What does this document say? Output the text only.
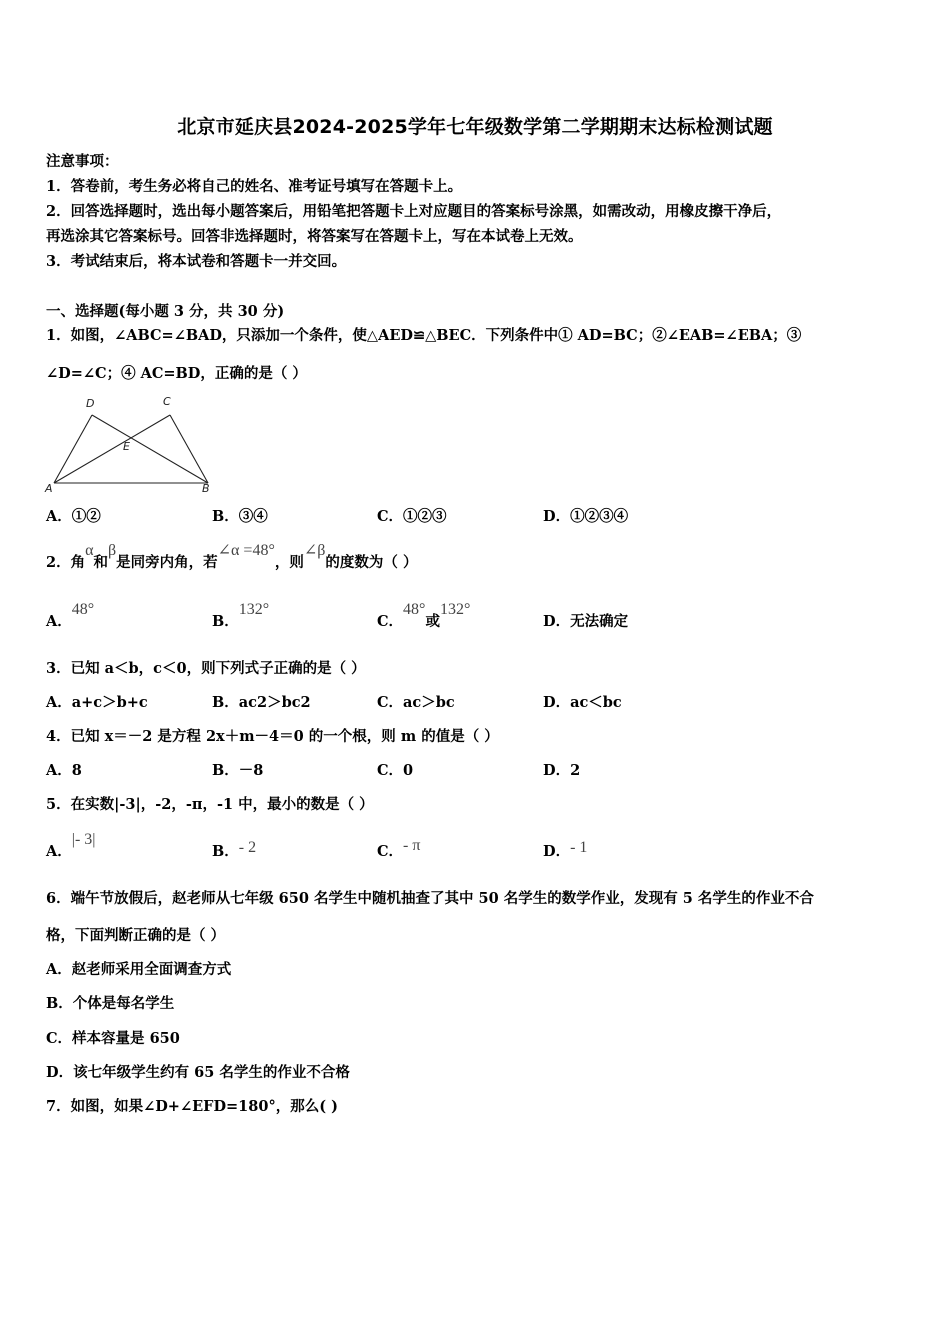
北京市延庆县2024-2025学年七年级数学第二学期期末达标检测试题
注意事项：
1．答卷前，考生务必将自己的姓名、准考证号填写在答题卡上。
2．回答选择题时，选出每小题答案后，用铅笔把答题卡上对应题目的答案标号涂黑，如需改动，用橡皮擦干净后，
再选涂其它答案标号。回答非选择题时，将答案写在答题卡上，写在本试卷上无效。
3．考试结束后，将本试卷和答题卡一并交回。
一、选择题(每小题 3 分，共 30 分)
1．如图，∠ABC=∠BAD，只添加一个条件，使△AED≌△BEC．下列条件中① AD=BC；②∠EAB=∠EBA；③
∠D=∠C；④ AC=BD，正确的是（ ）
D	C
E
A	B
A．①②	B．③④	C．①②③	D．①②③④
2．角α和β是同旁内角，若∠α =48°，则∠β的度数为（ ）
A．48°
B．132°
C．48°或132°
D．无法确定
3．已知 a＜b，c＜0，则下列式子正确的是（ ）
A．a+c＞b+c	B．ac2＞bc2	C．ac＞bc	D．ac＜bc
4．已知 x＝－2 是方程 2x＋m－4＝0 的一个根，则 m 的值是（ ）
A．8	B．－8	C．0	D．2
5．在实数|-3|，-2，-π，-1 中，最小的数是（ ）
A．|- 3|
B．- 2	C．- π	D．- 1
6．端午节放假后，赵老师从七年级 650 名学生中随机抽查了其中 50 名学生的数学作业，发现有 5 名学生的作业不合
格，下面判断正确的是（ ）
A．赵老师采用全面调查方式
B．个体是每名学生
C．样本容量是 650
D．该七年级学生约有 65 名学生的作业不合格
7．如图，如果∠D+∠EFD=180°，那么( )
